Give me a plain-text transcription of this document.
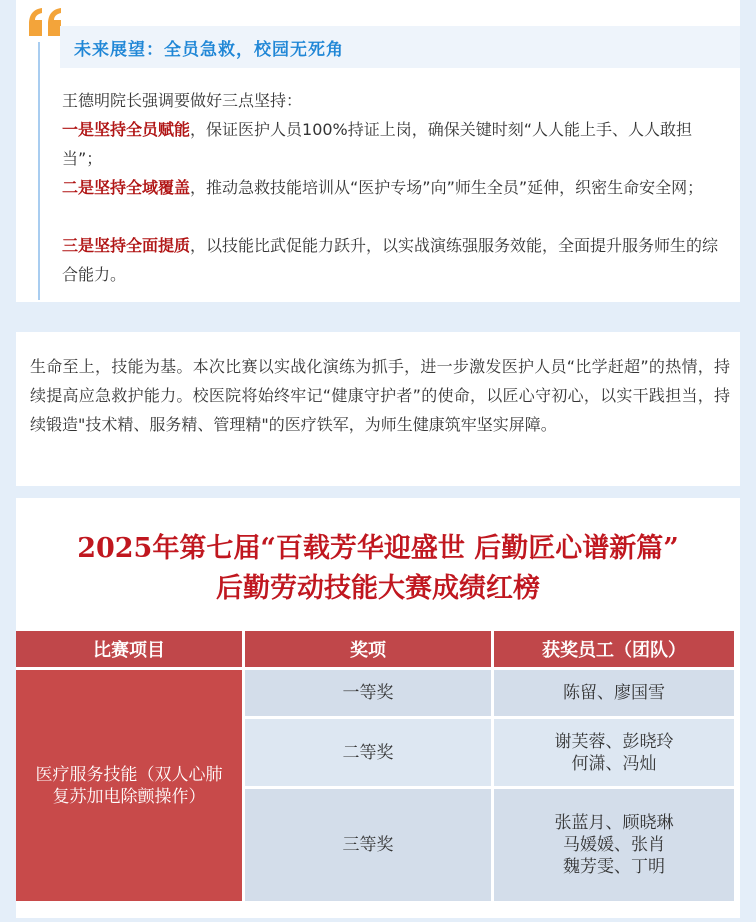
未来展望：全员急救，校园无死角
王德明院长强调要做好三点坚持：
一是坚持全员赋能，保证医护人员100%持证上岗，确保关键时刻“人人能上手、人人敢担当”；
二是坚持全域覆盖，推动急救技能培训从“医护专场”向”师生全员”延伸，织密生命安全网；
三是坚持全面提质，以技能比武促能力跃升，以实战演练强服务效能，全面提升服务师生的综合能力。
生命至上，技能为基。本次比赛以实战化演练为抓手，进一步激发医护人员“比学赶超”的热情，持续提高应急救护能力。校医院将始终牢记“健康守护者”的使命，以匠心守初心，以实干践担当，持续锻造"技术精、服务精、管理精"的医疗铁军，为师生健康筑牢坚实屏障。
2025年第七届“百载芳华迎盛世 后勤匠心谱新篇”
后勤劳动技能大赛成绩红榜
比赛项目	奖项	获奖员工（团队）
医疗服务技能（双人心肺复苏加电除颤操作）	一等奖	陈留、廖国雪

	二等奖	谢芙蓉、彭晓玲
何潇、冯灿

	三等奖	张蓝月、顾晓琳
马媛媛、张肖
魏芳雯、丁明
